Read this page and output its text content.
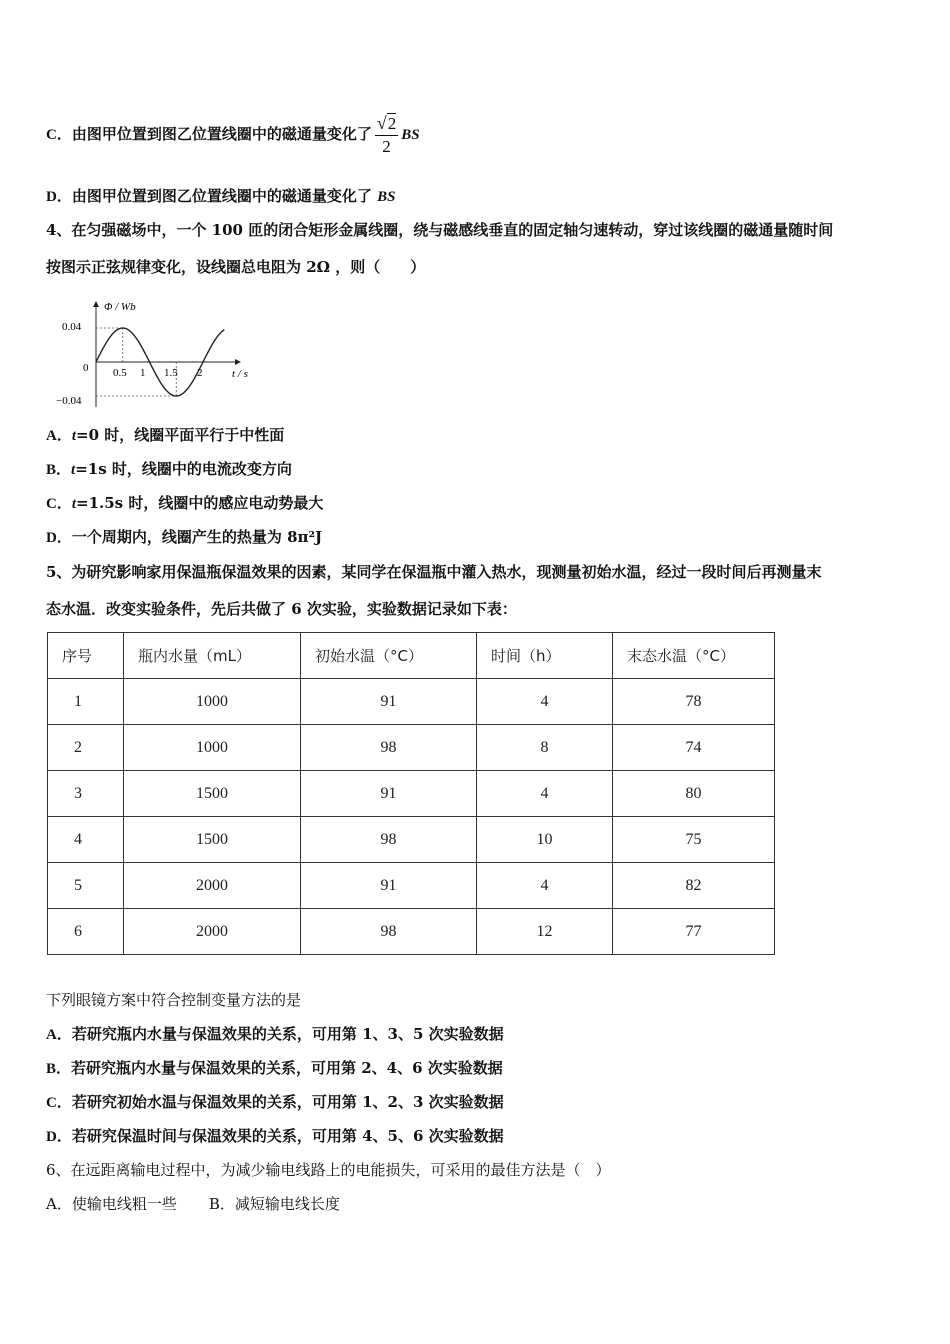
C．由图甲位置到图乙位置线圈中的磁通量变化了 $\frac{√2}{2}$ BS
D．由图甲位置到图乙位置线圈中的磁通量变化了 BS
4、在匀强磁场中，一个 100 匝的闭合矩形金属线圈，绕与磁感线垂直的固定轴匀速转动，穿过该线圈的磁通量随时间
按图示正弦规律变化，设线圈总电阻为 2Ω ，则（　　）
Φ / Wb
t / s
0.04
0
−0.04
0.5 1 1.5 2
A．t=0 时，线圈平面平行于中性面
B．t=1s 时，线圈中的电流改变方向
C．t=1.5s 时，线圈中的感应电动势最大
D．一个周期内，线圈产生的热量为 8π²J
5、为研究影响家用保温瓶保温效果的因素，某同学在保温瓶中灌入热水，现测量初始水温，经过一段时间后再测量末
态水温．改变实验条件，先后共做了 6 次实验，实验数据记录如下表：
序号	瓶内水量（mL）	初始水温（°C）	时间（h）	末态水温（°C）
1	1000	91	4	78
2	1000	98	8	74
3	1500	91	4	80
4	1500	98	10	75
5	2000	91	4	82
6	2000	98	12	77
下列眼镜方案中符合控制变量方法的是
A．若研究瓶内水量与保温效果的关系，可用第 1、3、5 次实验数据
B．若研究瓶内水量与保温效果的关系，可用第 2、4、6 次实验数据
C．若研究初始水温与保温效果的关系，可用第 1、2、3 次实验数据
D．若研究保温时间与保温效果的关系，可用第 4、5、6 次实验数据
6、在远距离输电过程中，为减少输电线路上的电能损失，可采用的最佳方法是（　）
A．使输电线粗一些 B．减短输电线长度
